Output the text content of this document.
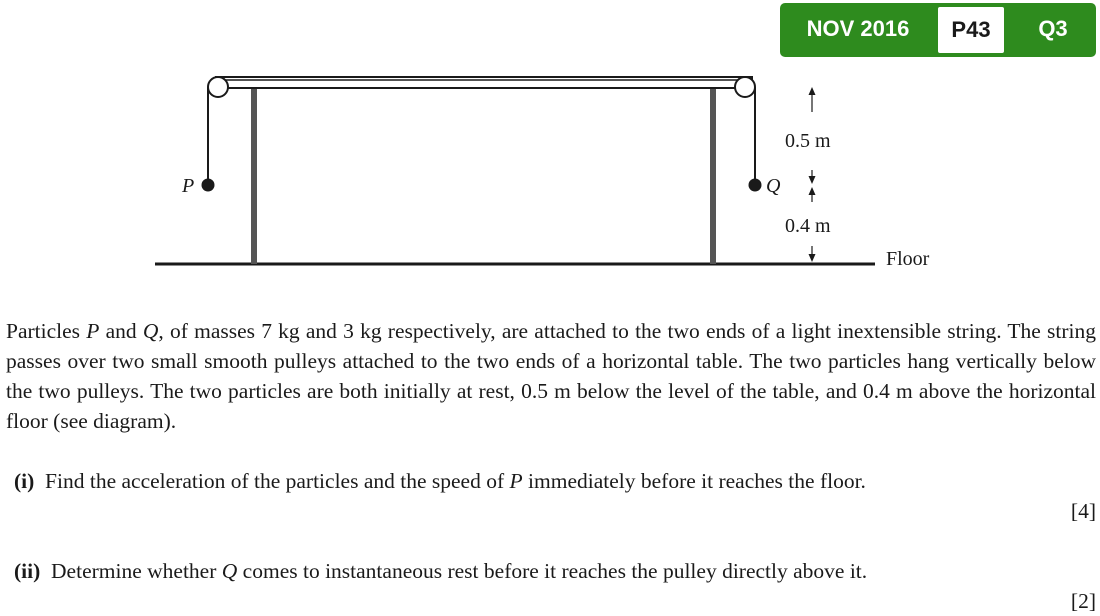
NOV 2016	P43	Q3
P	Q
0.5 m
0.4 m
Floor
Particles P and Q, of masses 7 kg and 3 kg respectively, are attached to the two ends of a light inextensible string. The string passes over two small smooth pulleys attached to the two ends of a horizontal table. The two particles hang vertically below the two pulleys. The two particles are both initially at rest, 0.5 m below the level of the table, and 0.4 m above the horizontal floor (see diagram).
(i) Find the acceleration of the particles and the speed of P immediately before it reaches the floor.
[4]
(ii) Determine whether Q comes to instantaneous rest before it reaches the pulley directly above it.
[2]
